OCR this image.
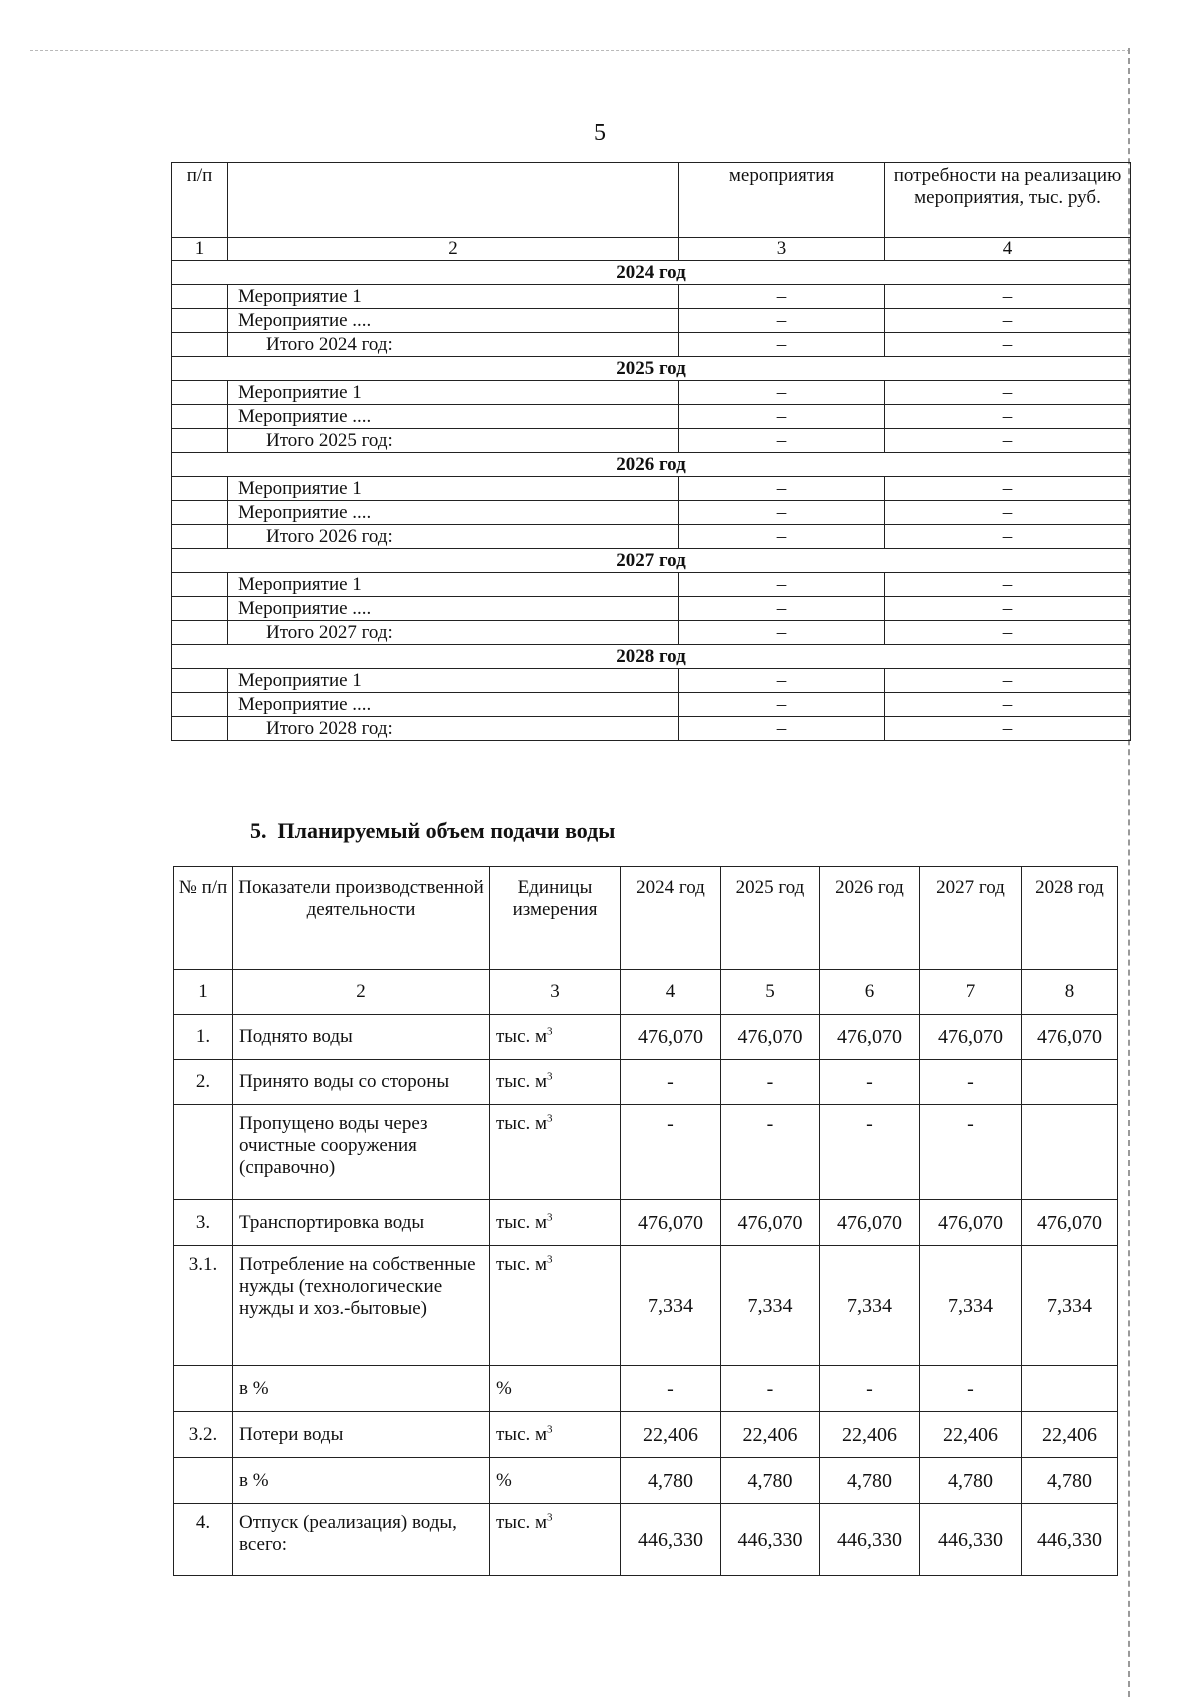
5
п/п		мероприятия	потребности на реализацию мероприятия, тыс. руб.
1	2	3	4
2024 год			
	Мероприятие 1	–	–
	Мероприятие ....	–	–
	Итого 2024 год:	–	–
2025 год			
	Мероприятие 1	–	–
	Мероприятие ....	–	–
	Итого 2025 год:	–	–
2026 год			
	Мероприятие 1	–	–
	Мероприятие ....	–	–
	Итого 2026 год:	–	–
2027 год			
	Мероприятие 1	–	–
	Мероприятие ....	–	–
	Итого 2027 год:	–	–
2028 год			
	Мероприятие 1	–	–
	Мероприятие ....	–	–
	Итого 2028 год:	–	–
5. Планируемый объем подачи воды
№ п/п	Показатели производственной деятельности	Единицы измерения	2024 год	2025 год	2026 год	2027 год	2028 год
1	2	3	4	5	6	7	8
1.	Поднято воды	тыс. $м^3$	476,070	476,070	476,070	476,070	476,070
2.	Принято воды со стороны	тыс. $м^3$	-	-	-	-	
	Пропущено воды через очистные сооружения (справочно)	тыс. $м^3$	-	-	-	-	
3.	Транспортировка воды	тыс. $м^3$	476,070	476,070	476,070	476,070	476,070
3.1.	Потребление на собственные нужды (технологические нужды и хоз.-бытовые)	тыс. $м^3$	7,334	7,334	7,334	7,334	7,334
	в %	%	-	-	-	-	
3.2.	Потери воды	тыс. $м^3$	22,406	22,406	22,406	22,406	22,406
	в %	%	4,780	4,780	4,780	4,780	4,780
4.	Отпуск (реализация) воды, всего:	тыс. $м^3$	446,330	446,330	446,330	446,330	446,330
